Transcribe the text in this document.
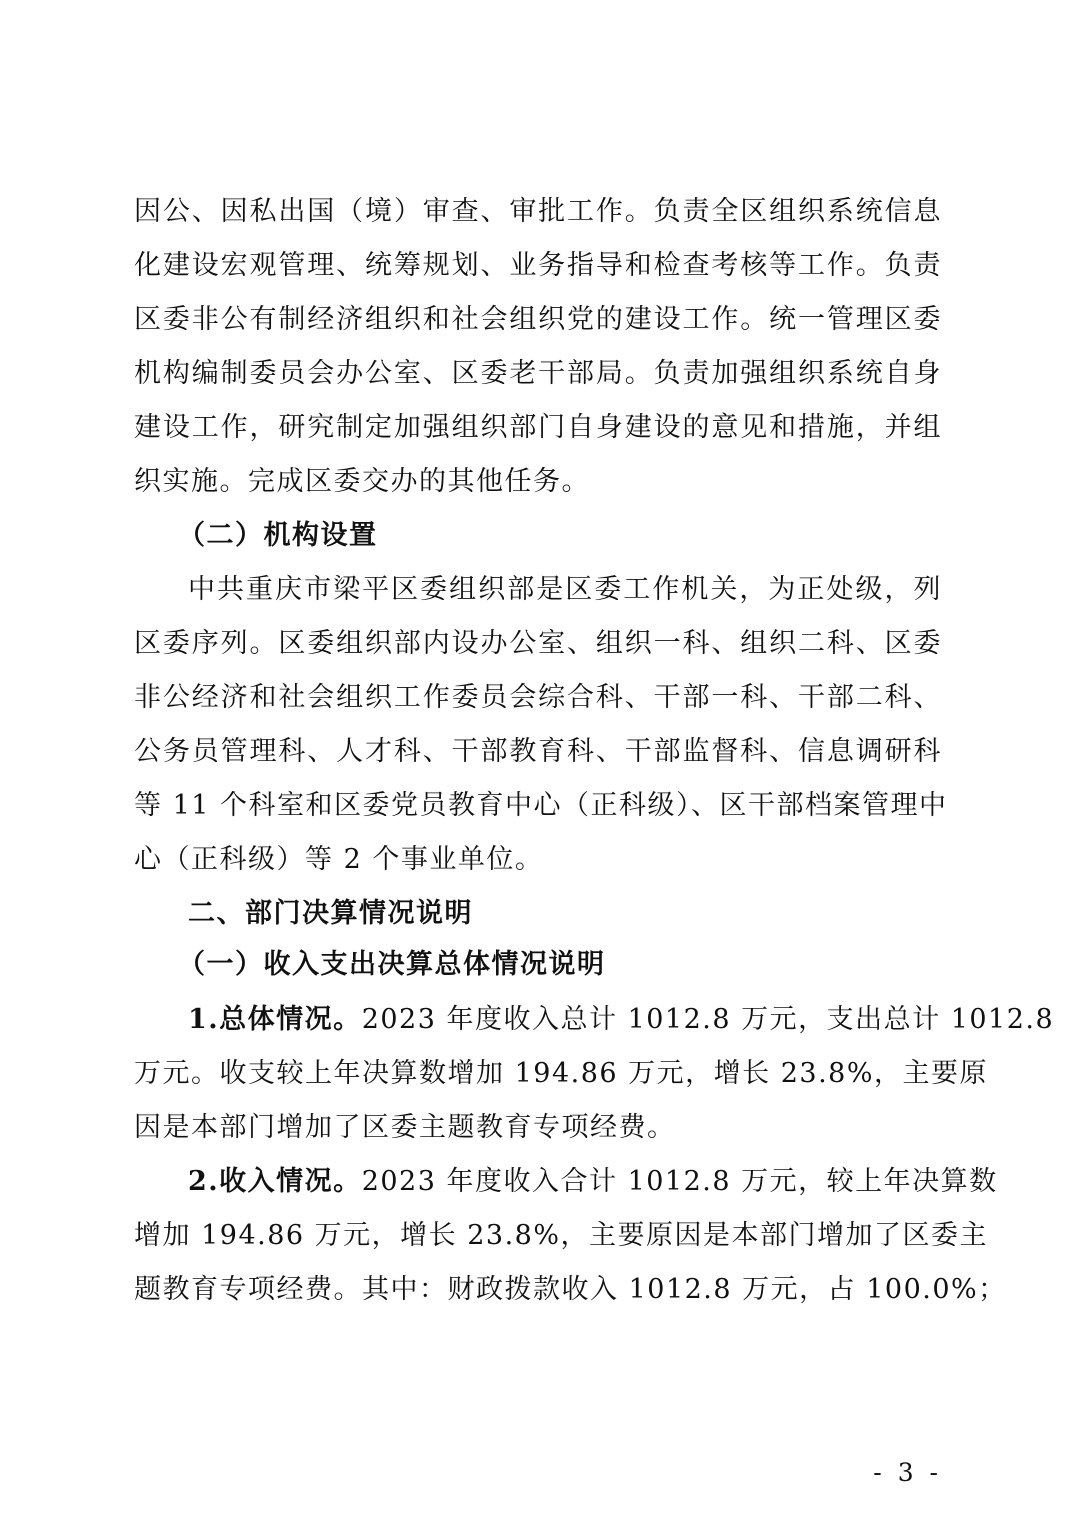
因公、因私出国（境）审查、审批工作。负责全区组织系统信息
化建设宏观管理、统筹规划、业务指导和检查考核等工作。负责
区委非公有制经济组织和社会组织党的建设工作。统一管理区委
机构编制委员会办公室、区委老干部局。负责加强组织系统自身
建设工作，研究制定加强组织部门自身建设的意见和措施，并组
织实施。完成区委交办的其他任务。
（二）机构设置
中共重庆市梁平区委组织部是区委工作机关，为正处级，列
区委序列。区委组织部内设办公室、组织一科、组织二科、区委
非公经济和社会组织工作委员会综合科、干部一科、干部二科、
公务员管理科、人才科、干部教育科、干部监督科、信息调研科
等 11 个科室和区委党员教育中心（正科级）、区干部档案管理中
心（正科级）等 2 个事业单位。
二、部门决算情况说明
（一）收入支出决算总体情况说明
1.总体情况。2023 年度收入总计 1012.8 万元，支出总计 1012.8
万元。收支较上年决算数增加 194.86 万元，增长 23.8%，主要原
因是本部门增加了区委主题教育专项经费。
2.收入情况。2023 年度收入合计 1012.8 万元，较上年决算数
增加 194.86 万元，增长 23.8%，主要原因是本部门增加了区委主
题教育专项经费。其中：财政拨款收入 1012.8 万元，占 100.0%；
- 3 -
